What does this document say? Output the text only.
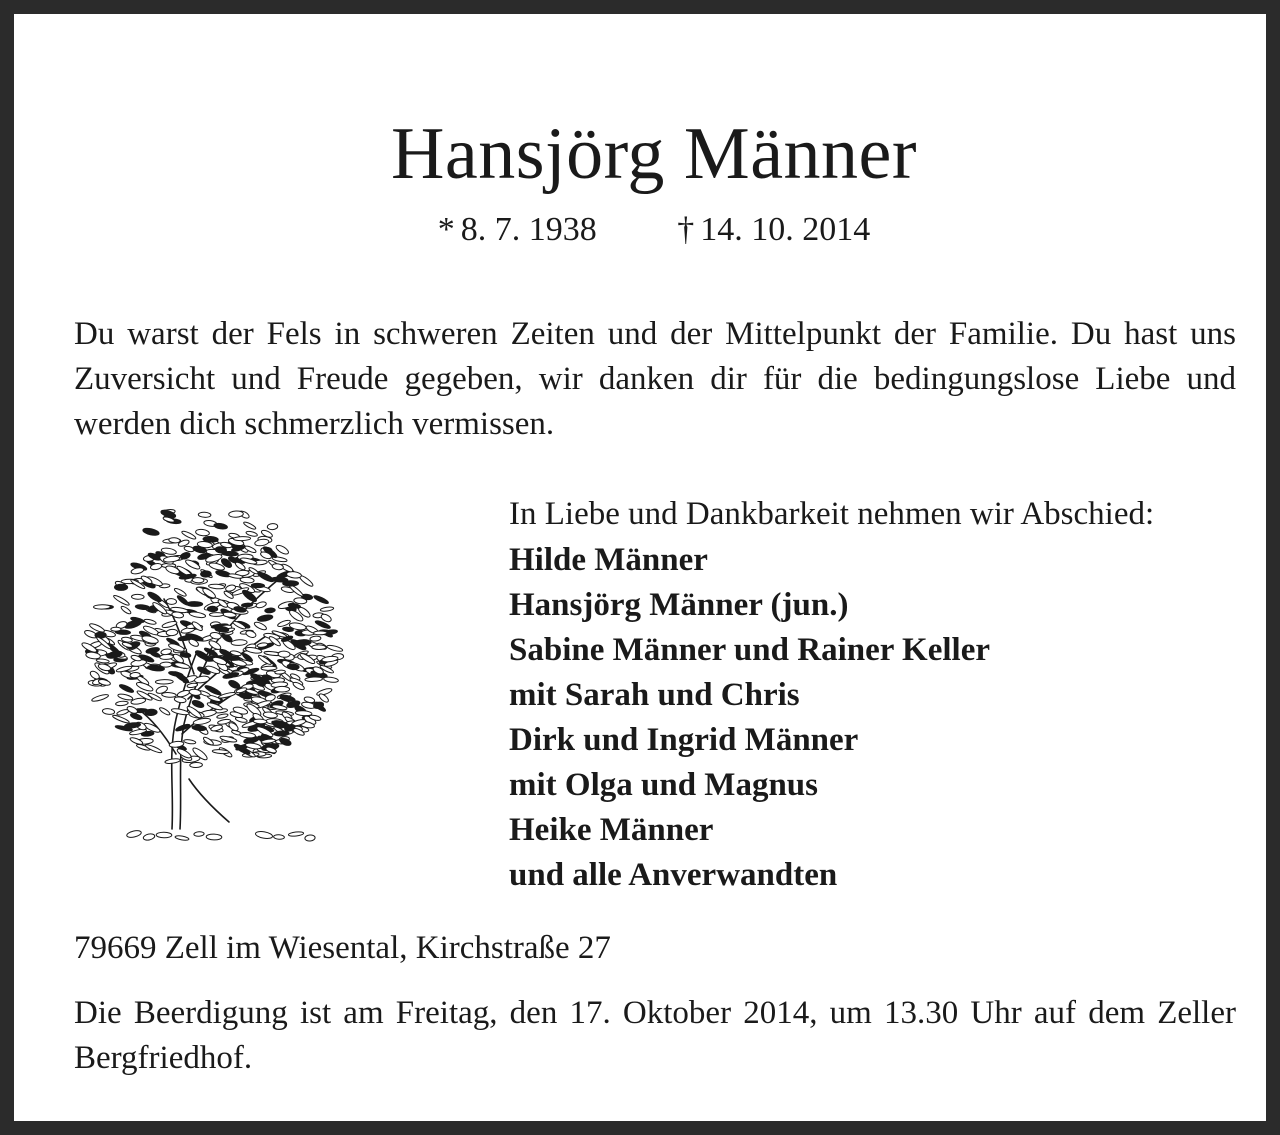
Hansjörg Männer
* 8. 7. 1938 † 14. 10. 2014

Du warst der Fels in schweren Zeiten und der Mittelpunkt der Familie. Du hast uns Zuversicht und Freude gegeben, wir danken dir für die bedingungslose Liebe und werden dich schmerzlich vermissen.

In Liebe und Dankbarkeit nehmen wir Abschied:
Hilde Männer
Hansjörg Männer (jun.)
Sabine Männer und Rainer Keller
mit Sarah und Chris
Dirk und Ingrid Männer
mit Olga und Magnus
Heike Männer
und alle Anverwandten
79669 Zell im Wiesental, Kirchstraße 27

Die Beerdigung ist am Freitag, den 17. Oktober 2014, um 13.30 Uhr auf dem Zeller Bergfriedhof.
